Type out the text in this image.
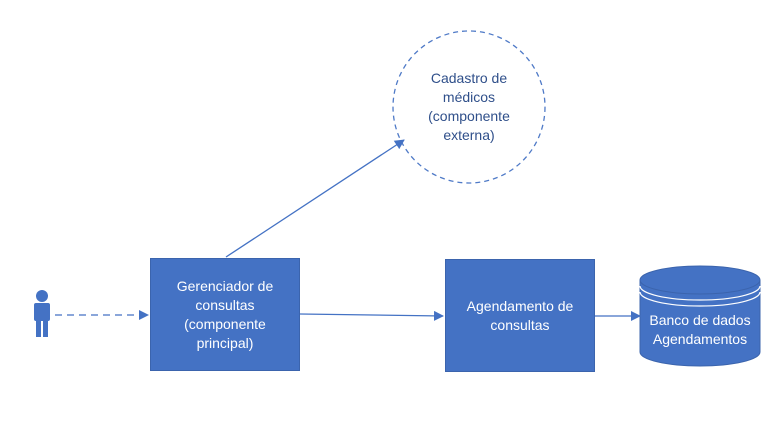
Cadastro de
médicos
(componente
externa)
Gerenciador de
consultas
(componente
principal)
Agendamento de
consultas	Banco de dados
Agendamentos
